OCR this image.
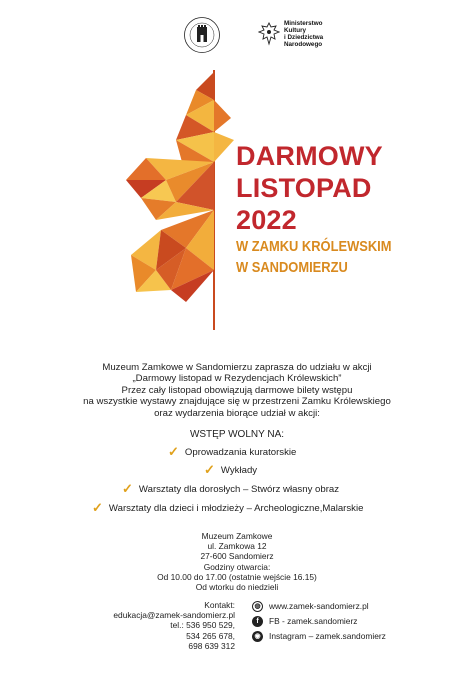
Ministerstwo
Kultury
i Dziedzictwa
Narodowego
DARMOWY
LISTOPAD
2022
W ZAMKU KRÓLEWSKIM
W SANDOMIERZU
Muzeum Zamkowe w Sandomierzu zaprasza do udziału w akcji
„Darmowy listopad w Rezydencjach Królewskich”
Przez cały listopad obowiązują darmowe bilety wstępu
na wszystkie wystawy znajdujące się w przestrzeni Zamku Królewskiego
oraz wydarzenia biorące udział w akcji:
WSTĘP WOLNY NA:
✓ Oprowadzania kuratorskie
✓ Wykłady
✓ Warsztaty dla dorosłych – Stwórz własny obraz
✓ Warsztaty dla dzieci i młodzieży – Archeologiczne,Malarskie
Muzeum Zamkowe
ul. Zamkowa 12
27-600 Sandomierz
Godziny otwarcia:
Od 10.00 do 17.00 (ostatnie wejście 16.15)
Od wtorku do niedzieli
Kontakt:
edukacja@zamek-sandomierz.pl
tel.: 536 950 529,
534 265 678,
698 639 312
◍ www.zamek-sandomierz.pl
f FB - zamek.sandomierz
◉ Instagram – zamek.sandomierz
